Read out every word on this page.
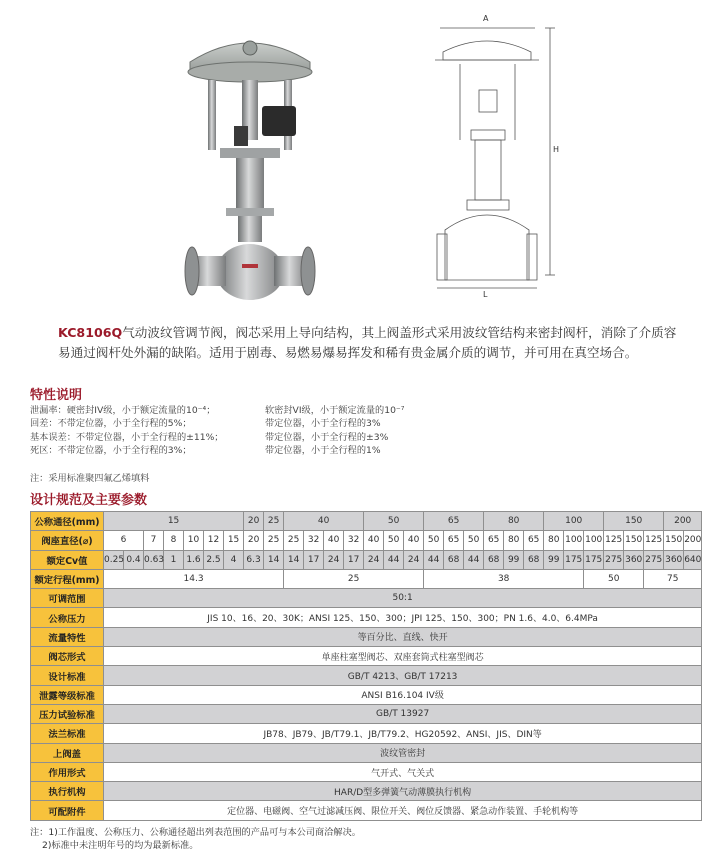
A
H
L
KC8106Q气动波纹管调节阀，阀芯采用上导向结构，其上阀盖形式采用波纹管结构来密封阀杆，消除了介质容易通过阀杆处外漏的缺陷。适用于剧毒、易燃易爆易挥发和稀有贵金属介质的调节，并可用在真空场合。
特性说明
泄漏率：硬密封IV级，小于额定流量的10⁻⁴；
回差：不带定位器，小于全行程的5%；
基本误差：不带定位器，小于全行程的±11%；
死区：不带定位器，小于全行程的3%；
软密封VI级，小于额定流量的10⁻⁷
带定位器，小于全行程的3%
带定位器，小于全行程的±3%
带定位器，小于全行程的1%
注：采用标准聚四氟乙烯填料
设计规范及主要参数
公称通径(mm)	15							20	25	40				50			65			80			100			150			200	
阀座直径(⌀)	6		7	8	10	12	15	20	25	25	32	40	32	40	50	40	50	65	50	65	80	65	80	100	100	125	150	125	150	200
额定Cv值	0.25	0.4	0.63	1	1.6	2.5	4	6.3	14	14	17	24	17	24	44	24	44	68	44	68	99	68	99	175	175	275	360	275	360	640
额定行程(mm)	14.3									25							38								50			75		
可调范围	50:1																													
公称压力	JIS 10、16、20、30K；ANSI 125、150、300；JPI 125、150、300；PN 1.6、4.0、6.4MPa																													
流量特性	等百分比、直线、快开																													
阀芯形式	单座柱塞型阀芯、双座套筒式柱塞型阀芯																													
设计标准	GB/T 4213、GB/T 17213																													
泄露等级标准	ANSI B16.104 IV级																													
压力试验标准	GB/T 13927																													
法兰标准	JB78、JB79、JB/T79.1、JB/T79.2、HG20592、ANSI、JIS、DIN等																													
上阀盖	波纹管密封																													
作用形式	气开式、气关式																													
执行机构	HAR/D型多弹簧气动薄膜执行机构																													
可配附件	定位器、电磁阀、空气过滤减压阀、限位开关、阀位反馈器、紧急动作装置、手轮机构等																													
注：1)工作温度、公称压力、公称通径超出列表范围的产品可与本公司商洽解决。
2)标准中未注明年号的均为最新标准。
